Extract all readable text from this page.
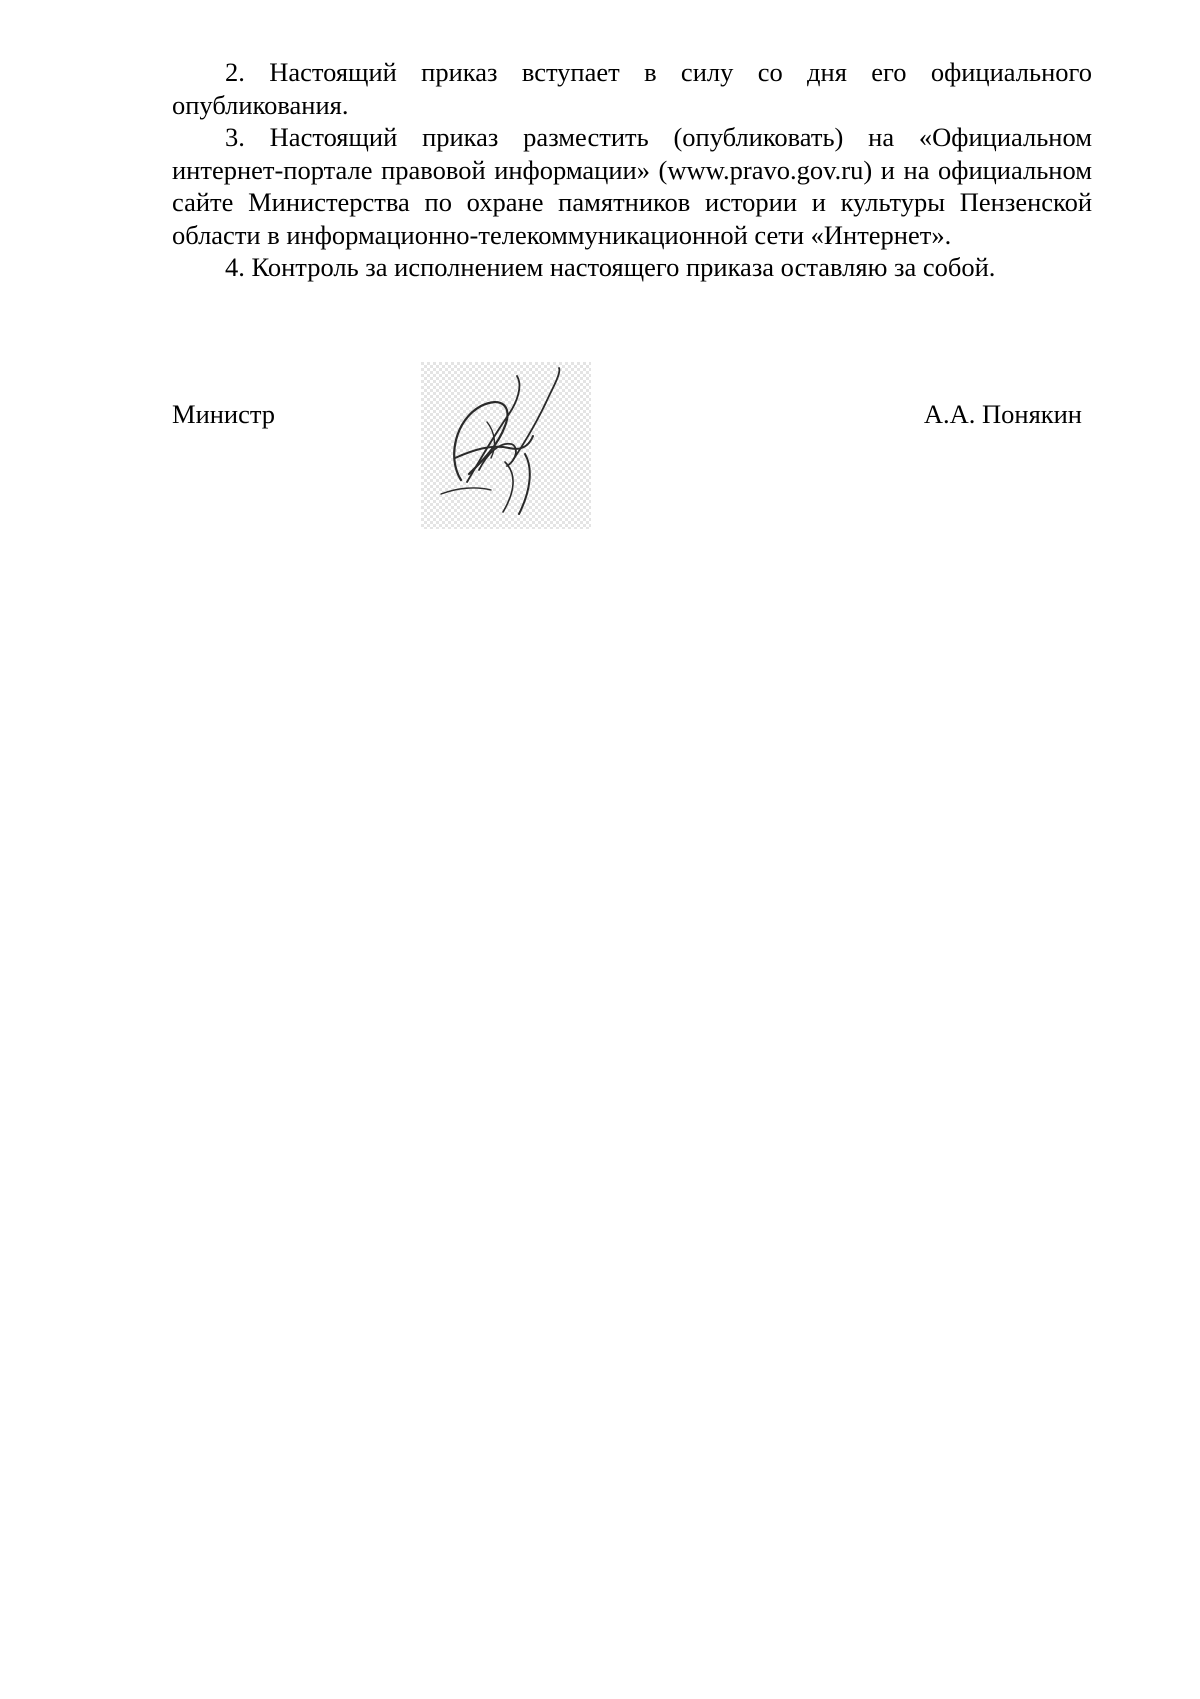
2. Настоящий приказ вступает в силу со дня его официального опубликования.

3. Настоящий приказ разместить (опубликовать) на «Официальном интернет-портале правовой информации» (www.pravo.gov.ru) и на официальном сайте Министерства по охране памятников истории и культуры Пензенской области в информационно-телекоммуникационной сети «Интернет».

4. Контроль за исполнением настоящего приказа оставляю за собой.

Министр	А.А. Понякин
